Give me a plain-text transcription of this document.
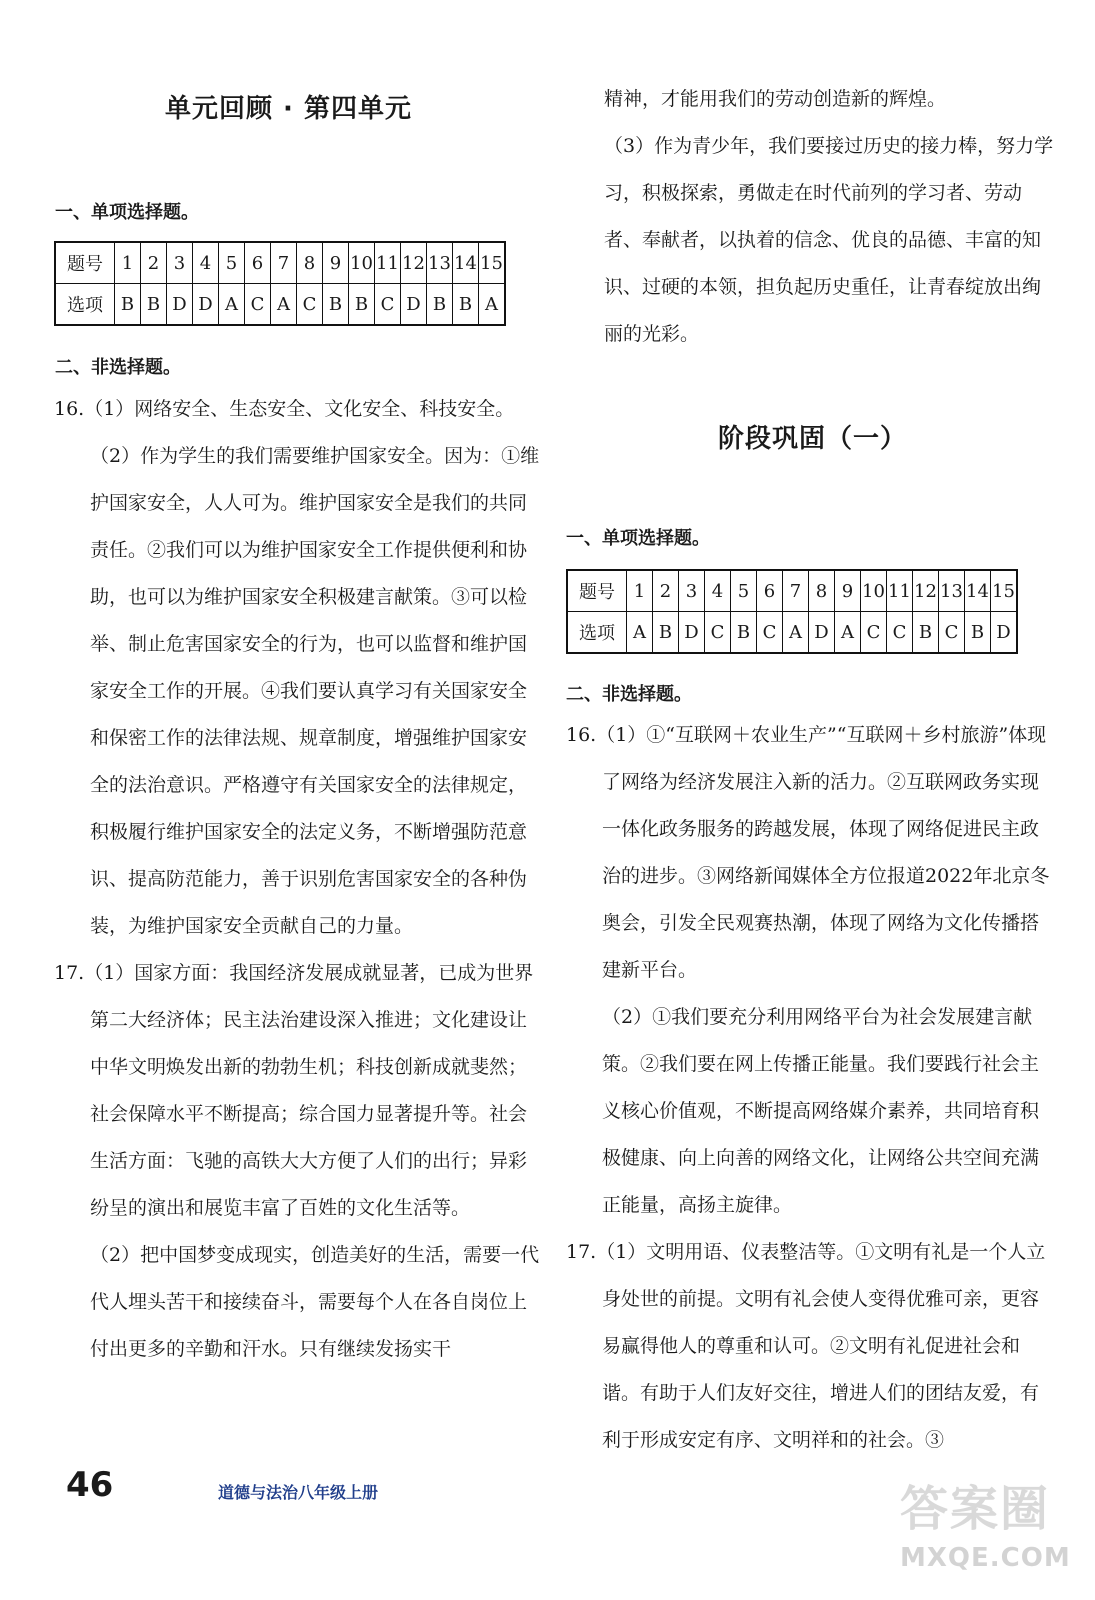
单元回顾 · 第四单元
一、单项选择题。
题号	1	2	3	4	5	6	7	8	9	10	11	12	13	14	15
选项	B	B	D	D	A	C	A	C	B	B	C	D	B	B	A
二、非选择题。

16.（1）网络安全、生态安全、文化安全、科技安全。

（2）作为学生的我们需要维护国家安全。因为：①维护国家安全，人人可为。维护国家安全是我们的共同责任。②我们可以为维护国家安全工作提供便利和协助，也可以为维护国家安全积极建言献策。③可以检举、制止危害国家安全的行为，也可以监督和维护国家安全工作的开展。④我们要认真学习有关国家安全和保密工作的法律法规、规章制度，增强维护国家安全的法治意识。严格遵守有关国家安全的法律规定，积极履行维护国家安全的法定义务，不断增强防范意识、提高防范能力，善于识别危害国家安全的各种伪装，为维护国家安全贡献自己的力量。

17.（1）国家方面：我国经济发展成就显著，已成为世界第二大经济体；民主法治建设深入推进；文化建设让中华文明焕发出新的勃勃生机；科技创新成就斐然；社会保障水平不断提高；综合国力显著提升等。社会生活方面：飞驰的高铁大大方便了人们的出行；异彩纷呈的演出和展览丰富了百姓的文化生活等。

（2）把中国梦变成现实，创造美好的生活，需要一代代人埋头苦干和接续奋斗，需要每个人在各自岗位上付出更多的辛勤和汗水。只有继续发扬实干

精神，才能用我们的劳动创造新的辉煌。

（3）作为青少年，我们要接过历史的接力棒，努力学习，积极探索，勇做走在时代前列的学习者、劳动者、奉献者，以执着的信念、优良的品德、丰富的知识、过硬的本领，担负起历史重任，让青春绽放出绚丽的光彩。

阶段巩固（一）
一、单项选择题。
题号	1	2	3	4	5	6	7	8	9	10	11	12	13	14	15
选项	A	B	D	C	B	C	A	D	A	C	C	B	C	B	D
二、非选择题。

16.（1）①“互联网＋农业生产”“互联网＋乡村旅游”体现了网络为经济发展注入新的活力。②互联网政务实现一体化政务服务的跨越发展，体现了网络促进民主政治的进步。③网络新闻媒体全方位报道2022年北京冬奥会，引发全民观赛热潮，体现了网络为文化传播搭建新平台。

（2）①我们要充分利用网络平台为社会发展建言献策。②我们要在网上传播正能量。我们要践行社会主义核心价值观，不断提高网络媒介素养，共同培育积极健康、向上向善的网络文化，让网络公共空间充满正能量，高扬主旋律。

17.（1）文明用语、仪表整洁等。①文明有礼是一个人立身处世的前提。文明有礼会使人变得优雅可亲，更容易赢得他人的尊重和认可。②文明有礼促进社会和谐。有助于人们友好交往，增进人们的团结友爱，有利于形成安定有序、文明祥和的社会。③

46	道德与法治八年级上册	答案圈
MXQE.COM
